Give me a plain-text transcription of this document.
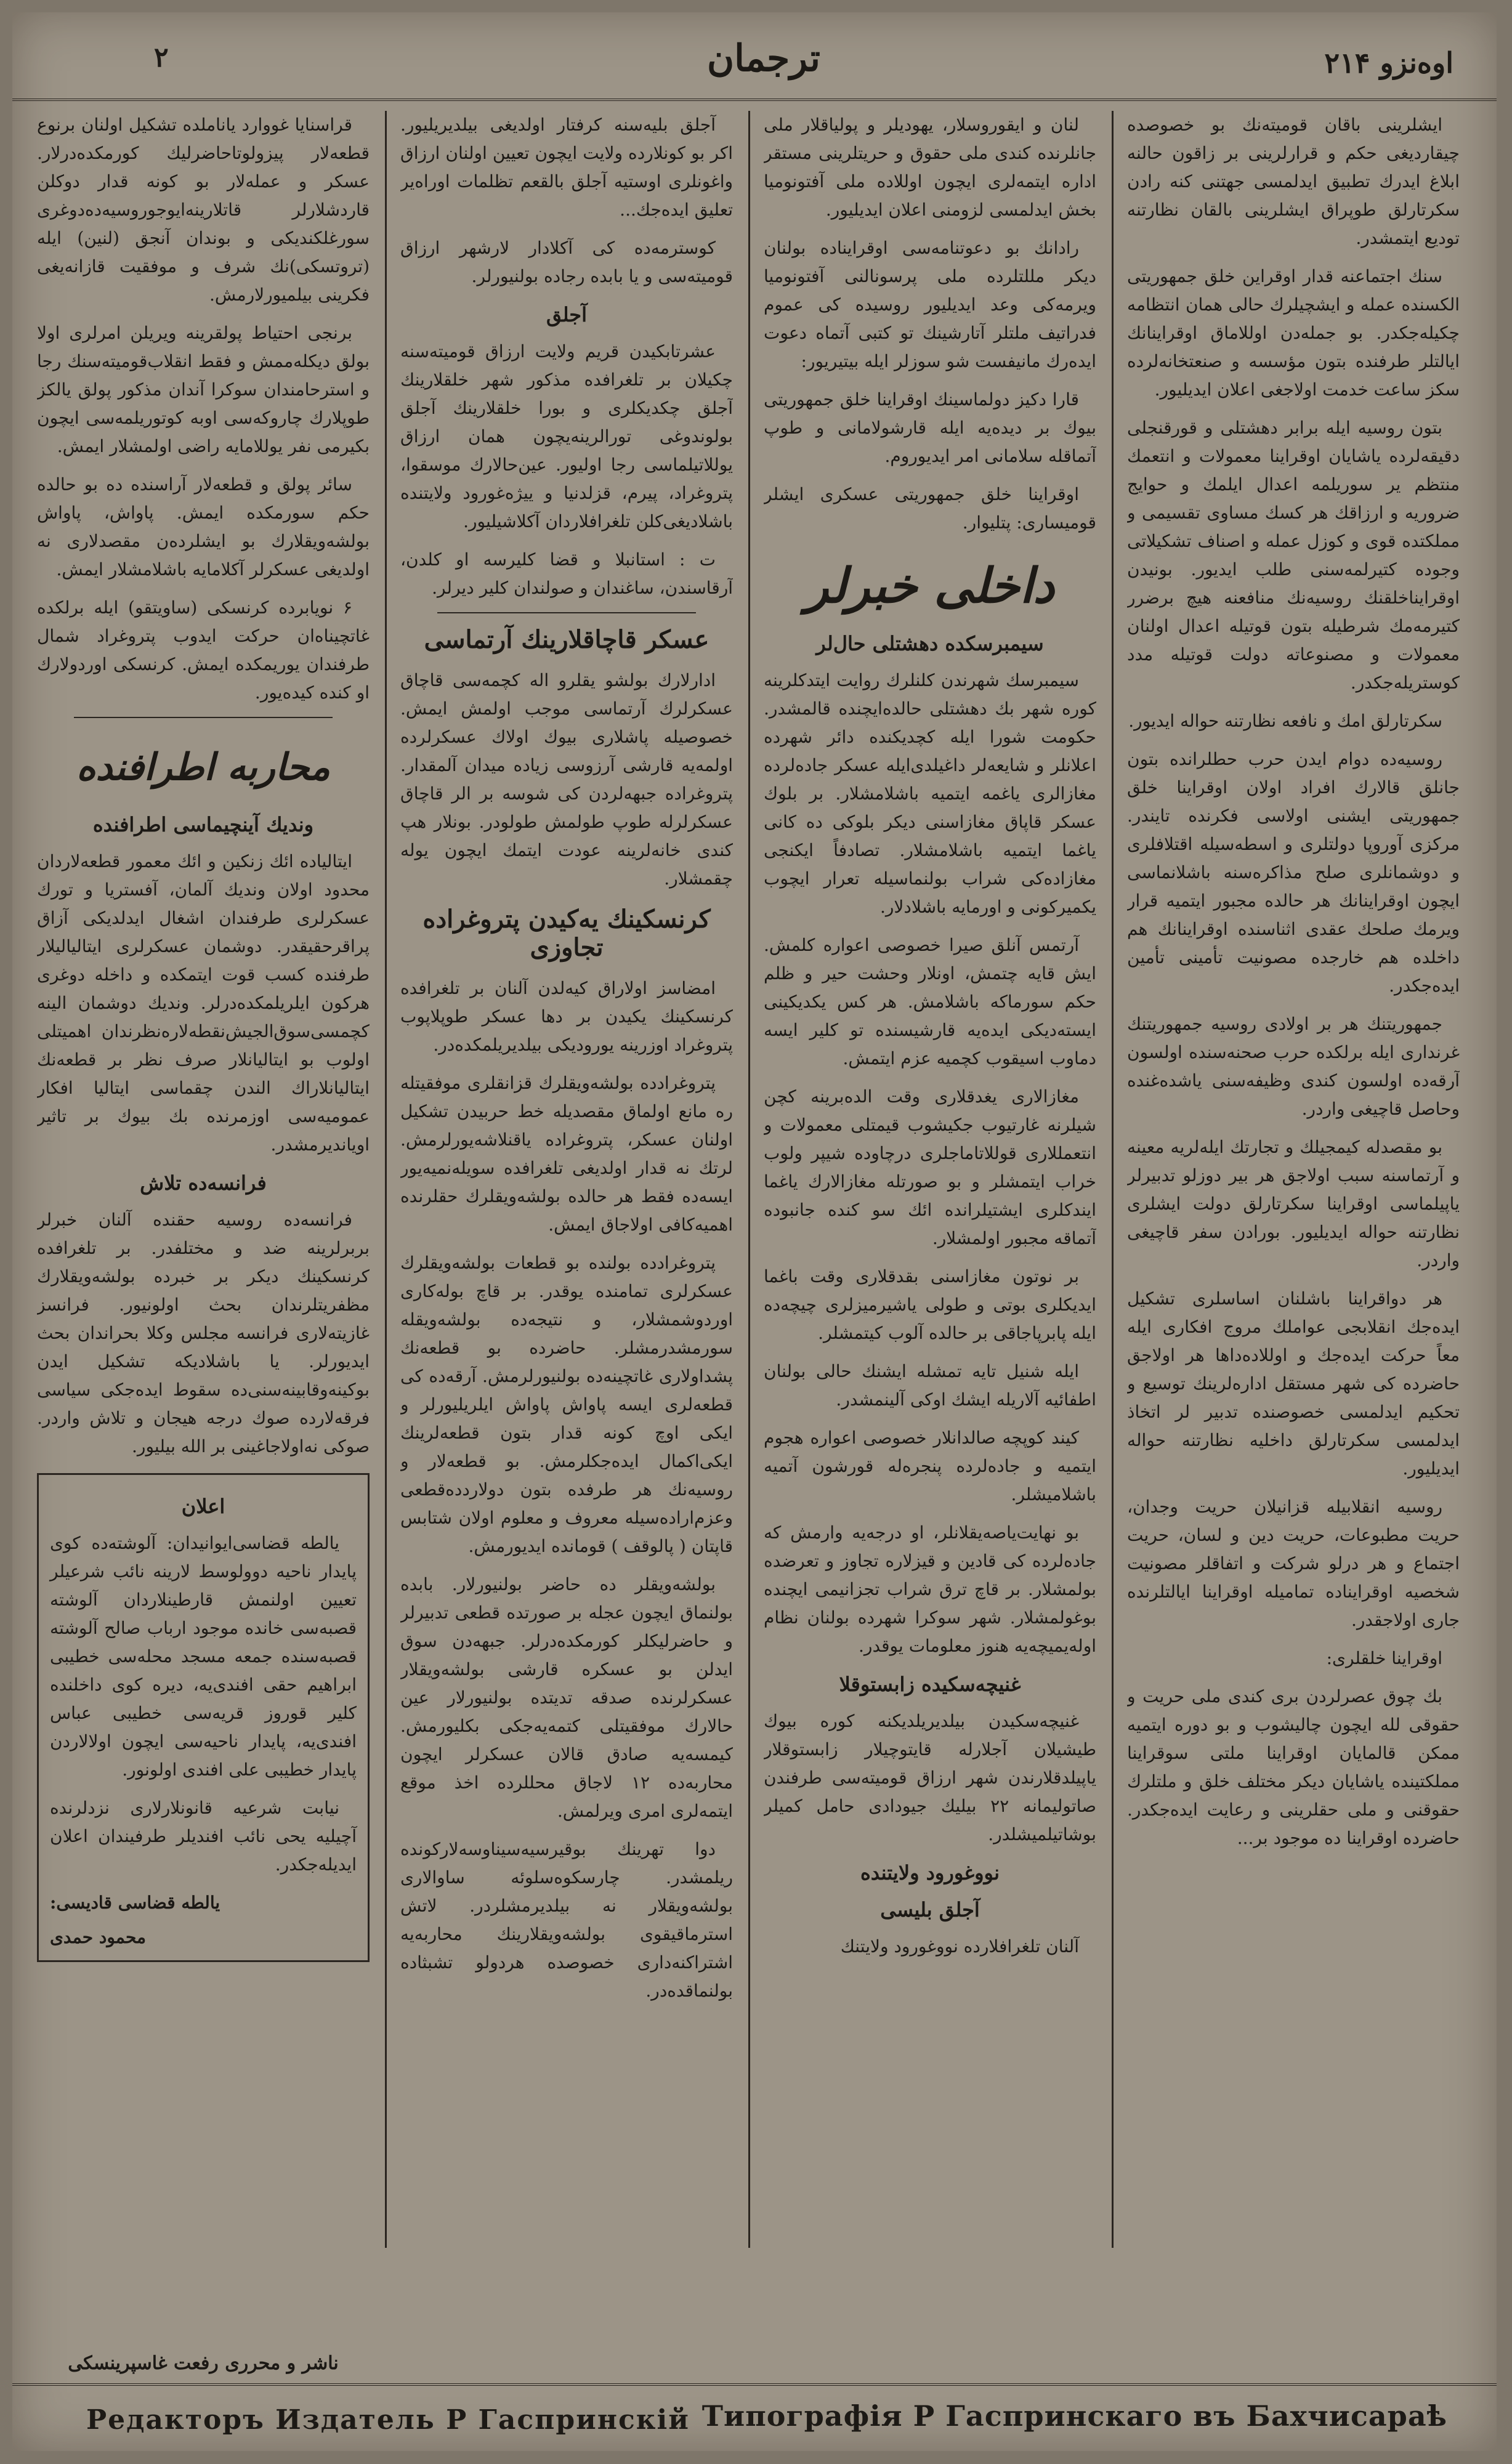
اوه‌نزو ۲۱۴
ترجمان
۲

ایشلرینی باقان قومیته‌نك بو خصوصده چیقاردیغی حکم و قرارلرینی بر زاقون حالنه ابلاغ ایدرك تطبیق ایدلمسی جهتنی کنه رادن سکرتارلق طوپراق ایشلرینی بالقان نظارتنه تودیع ایتمشدر.

سنك اجتماعنه قدار اوقراین خلق جمهوریتی الکسنده عمله و ایشچیلرك حالی همان انتظامه چکیله‌جکدر. بو جمله‌دن اوللاماق اوقراینانك ایالتلر طرفنده بتون مؤسسه و صنعتخانه‌لرده سکز ساعت خدمت اولاجغی اعلان ایدیلیور.

بتون روسیه ایله برابر دهشتلی و قورقنجلی دقیقه‌لرده یاشایان اوقراینا معمولات و انتعمك منتظم یر سوریلمه اعدال ایلمك و حوایج ضروریه و ارزاقك هر کسك مساوی تقسیمی و مملکتده قوی و کوزل عمله و اصناف تشکیلاتی وجوده کتیرلمه‌سنی طلب ایدیور. بونیدن اوقرایناخلقنك روسیه‌نك منافعنه هیچ برضرر کتیرمه‌مك شرطیله بتون قوتیله اعدال اولنان معمولات و مصنوعاته دولت قوتیله مدد کوستریله‌جکدر.

سکرتارلق امك و نافعه نظارتنه حواله ایدیور.

روسیه‌ده دوام ایدن حرب حطلرانده بتون جانلق قالارك افراد اولان اوقراینا خلق جمهوریتی ایشنی اولاسی فکرنده تایندر. مرکزی آوروپا دولتلری و اسطه‌سیله اقتلافلری و دوشمانلری صلح مذاکره‌سنه باشلانماسی ایچون اوقراینانك هر حالده مجبور ایتمیه قرار ویرمك صلحك عقدی اثناسنده اوقراینانك هم داخلده هم خارجده مصونیت تأمینی تأمین ایده‌جکدر.

جمهوریتنك هر بر اولادی روسیه جمهوریتنك غرنداری ایله برلکده حرب صحنه‌سنده اولسون آرقه‌ده اولسون کندی وظیفه‌سنی یاشده‌غنده وحاصل قاچیغی واردر.

بو مقصدله کیمجیلك و تجارتك ایله‌لریه معینه و آرتماسنه سبب اولاجق هر بیر دوزلو تدبیرلر یاپیلماسی اوقراینا سکرتارلق دولت ایشلری نظارتنه حواله ایدیلیور. بورادن سفر قاچیغی واردر.

هر دواقراینا باشلنان اساسلری تشکیل ایده‌جك انقلابجی عواملك مروج افکاری ایله معاً حرکت ایده‌جك و اوللاده‌داها هر اولاجق حاضرده کی شهر مستقل اداره‌لرینك توسیع و تحکیم ایدلمسی خصوصنده تدبیر لر اتخاذ ایدلمسی سکرتارلق داخلیه نظارتنه حواله ایدیلیور.

روسیه انقلابیله قزانیلان حریت وجدان، حریت مطبوعات، حریت دین و لسان، حریت اجتماع و هر درلو شرکت و اتفاقلر مصونیت شخصیه اوقرایناده تمامیله اوقراینا ایالتلرنده جاری اولاجقدر.

اوقراینا خلقلری:

بك چوق عصرلردن بری کندی ملی حریت و حقوقی لله ایچون چالیشوب و بو دوره ایتمیه ممکن قالمایان اوقراینا ملتی سوقراینا مملکتینده یاشایان دیکر مختلف خلق و ملتلرك حقوقنی و ملی حقلرینی و رعایت ایده‌جکدر. حاضرده اوقراینا ده موجود بر...

لنان و ایقوروسلار، یهودیلر و پولیاقلار ملی جانلرنده کندی ملی حقوق و حریتلرینی مستقر اداره ایتمه‌لری ایچون اوللاده ملی آفتونومیا بخش ایدلمسی لزومنی اعلان ایدیلیور.

رادانك بو دعوتنامه‌سی اوقرایناده بولنان دیکر مللتلرده ملی پرسونالنی آفتونومیا ویرمه‌کی وعد ایدیلیور روسیده کی عموم فدراتیف ملتلر آتارشینك تو کتبی آتماه دعوت ایده‌رك مانیفست شو سوزلر ایله بیتیریور:

قارا دکیز دولماسینك اوقراینا خلق جمهوریتی بیوك بر دیده‌یه ایله قارشولامانی و طوپ آتماقله سلامانی امر ایدیوروم.

اوقراینا خلق جمهوریتی عسکری ایشلر قومیساری: پتلیوار.

داخلی خبرلر
سیمبرسکده دهشتلی حال‌لر

سیمبرسك شهرندن کلنلرك روایت ایتدکلرینه کوره شهر بك دهشتلی حالده‌ایچنده قالمشدر. حکومت شورا ایله کچدیکنده دائر شهرده اعلانلر و شایعه‌لر داغیلدی‌ایله عسکر جاده‌لرده مغازالری یاغمه ایتمیه باشلامشلار. بر بلوك عسکر قاپاق مغازاسنی دیکر بلوکی ده کانی یاغما ایتمیه باشلامشلار. تصادفاً ایکنجی مغازاده‌کی شراب بولنماسیله تعرار ایچوب یکمیرکونی و اورمایه باشلادلار.

آرتمس آنلق صیرا خصوصی اعواره کلمش. ایش قایه چتمش، اونلار وحشت حیر و ظلم حکم سورماکه باشلامش. هر کس یکدیکینی ایسته‌دیکی ایده‌یه قارشیسنده تو کلیر ایسه دماوب اسیقوب کچمیه عزم ایتمش.

مغازالاری یغدقلاری وقت الده‌برینه کچن شیلرنه غارتیوب جکیشوب قیمتلی معمولات و انتعمللاری قوللاتاماجلری درچاوده شیپر ولوب خراب ایتمشلر و بو صورتله مغازالارك یاغما ایندکلری ایشتیلرانده ائك سو کنده جانبوده آتماقه مجبور اولمشلار.

بر نوتون مغازاسنی بقدقلاری وقت باغما ایدیکلری بوتی و طولی یاشیرمیزلری چیچه‌ده ایله پابرپاجاقی بر حالده آلوب کیتمشلر.

ایله شنیل تایه تمشله ایشنك حالی بولنان اطفائیه آلاریله ایشك اوکی آلینمشدر.

کیند کوپچه صالدانلار خصوصی اعواره هجوم ایتمیه و جاده‌لرده پنجره‌له قورشون آتمیه باشلامیشلر.

بو نهایت‌یاصه‌یقلانلر، او درجه‌یه وارمش که جاده‌لرده کی قادین و قیزلاره تجاوز و تعرضده بولمشلار. بر قاچ ترق شراب تجزانیمی ایچنده بوغولمشلار. شهر سوکرا شهرده بولنان نظام اوله‌یمیچه‌یه هنوز معلومات یوقدر.

غنیچه‌سکیده زابستوقلا

غنیچه‌سکیدن بیلدیریلدیکنه کوره بیوك طیشیلان آجلارله قایتوچیلار زابستوقلار یاپیلدقلارندن شهر ارزاق قومیته‌سی طرفندن صاتولیمانه ۲۲ بیلیك جیودادی حامل کمیلر بوشاتیلمیشلدر.

نووغورود ولایتنده
آجلق بلیسی

آلنان تلغرافلارده نووغورود ولایتنك

آجلق بلیه‌سنه کرفتار اولدیغی بیلدیریلیور. اکر بو کونلارده ولایت ایچون تعیین اولنان ارزاق واغونلری اوستیه آجلق بالقعم تظلمات اوراه‌یر تعلیق ایده‌جك...

کوسترمه‌ده کی آکلادار لارشهر ارزاق قومیته‌سی و یا بابده رجاده بولنیورلر.

آجلق

عشرتابکیدن قریم ولایت ارزاق قومیته‌سنه چکیلان بر تلغرافده مذکور شهر خلقلارینك آجلق چکدیکلری و بورا خلقلارینك آجلق بولوندوغی تورالرینه‌یچون همان ارزاق یوللاتیلماسی رجا اولیور. عین‌حالارك موسقوا، پتروغراد، پیرم، قزلدنیا و ییژه‌غورود ولایتنده باشلادیغی‌کلن تلغرافلاردان آکلاشیلیور.

ت : استانبلا و قضا کلیرسه او کلدن، آرقاسندن، ساغندان و صولندان کلیر دیرلر.

عسکر قاچاقلارینك آرتماسی

ادارلارك بولشو یقلرو اله کچمه‌سی قاچاق عسکرلرك آرتماسی موجب اولمش ایمش. خصوصیله پاشلاری بیوك اولاك عسکرلرده اولمه‌یه قارشی آرزوسی زیاده میدان آلمقدار. پتروغراده جبهه‌لردن کی شوسه بر الر قاچاق عسکرلرله طوپ طولمش طولودر. بونلار هپ کندی خانه‌لرینه عودت ایتمك ایچون یوله چقمشلار.

کرنسکینك یه‌کیدن پتروغراده تجاوزی

امضاسز اولاراق کیه‌لدن آلنان بر تلغرافده کرنسکینك یکیدن بر دها عسکر طوپلاپوب پتروغراد اوزرینه یورودیکی بیلدیریلمکده‌در.

پتروغرادده بولشه‌ویقلرك قزانقلری موفقیتله ره مانع اولماق مقصدیله خط حربیدن تشکیل اولنان عسکر، پتروغراده یاقنلاشه‌یورلرمش. لرتك نه قدار اولدیغی تلغرافده سویله‌نمیه‌یور ایسه‌ده فقط هر حالده بولشه‌ویقلرك حقلرنده اهمیه‌کافی اولاجاق ایمش.

پتروغرادده بولنده بو قطعات بولشه‌ویقلرك عسکرلری تمامنده یوقدر. بر قاچ بوله‌کاری اوردوشمشلار، و نتیجه‌ده بولشه‌ویقله سورمشدرمشلر. حاضرده بو قطعه‌نك پشداولاری غاتچینه‌ده بولنیورلرمش. آرقه‌ده کی قطعه‌لری ایسه پاواش پاواش ایلریلیورلر و ایکی اوچ کونه قدار بتون قطعه‌لرینك ایکی‌اکمال ایده‌جکلرمش. بو قطعه‌لار و روسیه‌نك هر طرفده بتون دولاردده‌قطعی وعزم‌اراده‌سیله معروف و معلوم اولان شتابس قاپتان ( پالوقف ) قومانده ایدیورمش.

بولشه‌ویقلر ده حاضر بولنیورلار. بابده بولنماق ایچون عجله بر صورتده قطعی تدبیرلر و حاضرلیکلر کورمکده‌درلر. جبهه‌دن سوق ایدلن بو عسکره قارشی بولشه‌ویقلار عسکرلرنده صدقه تدیتده بولنیورلار عین حالارك موفقیتلی کتمه‌یه‌جکی بکلیورمش. کیمسه‌یه صادق قالان عسکرلر ایچون محاربه‌ده ۱۲ لاجاق محللرده اخذ موقع ایتمه‌لری امری ویرلمش.

دوا تهرینك بوقیرسیه‌سیناوسه‌لارکونده ریلمشدر. چارسکوه‌سلوئه ساوالاری بولشه‌ویقلار نه بیلدیرمشلردر. لاتش استرماقیقوی بولشه‌ویقلارینك محاربه‌یه اشتراکنه‌داری خصوصده هردولو تشبثاده بولنماقده‌در.

قراسنایا غووارد یاناملده تشکیل اولنان برنوع قطعه‌لار پیزولوتاحاضرلیك کورمکده‌درلار. عسکر و عمله‌لار بو کونه قدار دوکلن قاردشلارلر قاتلارینه‌ایوجوروسیه‌ده‌دوغری سورغلکندیکی و بوندان آنجق (لنین) ایله (تروتسکی)نك شرف و موفقیت قازانه‌یغی فکرینی بیلمیورلارمش.

برنجی احتیاط پولقرینه ویریلن امرلری اولا بولق دیکله‌ممش و فقط انقلاب‌قومیته‌سنك رجا و استرحامندان سوکرا آندان مذکور پولق یالکز طوپلارك چاروکه‌سی اوبه کوتوریلمه‌سی ایچون بکیرمی نفر یوللامایه راضی اولمشلار ایمش.

سائر پولق و قطعه‌لار آراسنده ده بو حالده حکم سورمکده ایمش. پاواش، پاواش بولشه‌ویقلارك بو ایشلرده‌ن مقصدلاری نه اولدیغی عسکرلر آکلامایه باشلامشلار ایمش.

۶ نویابرده کرنسکی (ساویتقو) ایله برلکده غاتچیناه‌ان حرکت ایدوب پتروغراد شمال طرفندان یوریمکده ایمش. کرنسکی اوردولارك او کنده کیده‌یور.

محاربه اطرافنده
ونديك آینچیماسی اطرافنده

ایتالیاده ائك زنکین و ائك معمور قطعه‌لاردان محدود اولان ونديك آلمان، آفستریا و تورك عسکرلری طرفندان اشغال ایدلدیکی آزاق پراقرحقیقدر. دوشمان عسکرلری ایتالیالیلار طرفنده کسب قوت ایتمکده و داخله دوغری هرکون ایلریلمکده‌درلر. ونديك دوشمان الینه کچمسی‌سوق‌الجیش‌نقطه‌لاره‌نظرندان اهمیتلی اولوب بو ایتالیانلار صرف نظر بر قطعه‌نك ایتالیانلاراك الندن چقماسی ایتالیا افکار عمومیه‌سی اوزمرنده بك بیوك بر تاثیر اویاندیرمشدر.

فرانسه‌ده تلاش

فرانسه‌ده روسیه حقنده آلنان خبرلر بربرلرینه ضد و مختلفدر. بر تلغرافده کرنسکینك دیکر بر خبرده بولشه‌ویقلارك مظفریتلرندان بحث اولونیور. فرانسز غازیته‌لاری فرانسه مجلس وکلا بحراندان بحث ایدیورلر. یا باشلادیکه تشکیل ایدن بوکینه‌وقابینه‌سنی‌ده سقوط ایده‌جکی سیاسی فرقه‌لارده صوك درجه هیجان و تلاش واردر. صوکی نه‌اولاجاغینی بر الله بیلیور.

اعلان

یالطه قضاسی‌ایوانیدان: آلوشته‌ده کوی پایدار ناحیه دوولوسط لارینه نائب شرعیلر تعیین اولنمش قارطینلاردان آلوشته قصبه‌سی خانده موجود ارباب صالح آلوشته قصبه‌سنده جمعه مسجد محله‌سی خطیبی ابراهیم حقی افندی‌یه، دیره کوی داخلنده کلیر قوروز قریه‌سی خطیبی عباس افندی‌یه، پایدار ناحیه‌سی ایچون اولالاردن پایدار خطیبی علی افندی اولونور.

نیابت شرعیه قانونلارلاری نزدلرنده آچیلیه یحی نائب افندیلر طرفیندان اعلان ایدیله‌جکدر.

یالطه قضاسی قادیسی:
محمود حمدی
ناشر و محرری رفعت غاسپرینسکی
Редакторъ Издатель Р Гаспринскій Типографія Р Гаспринскаго въ Бахчисараѣ
